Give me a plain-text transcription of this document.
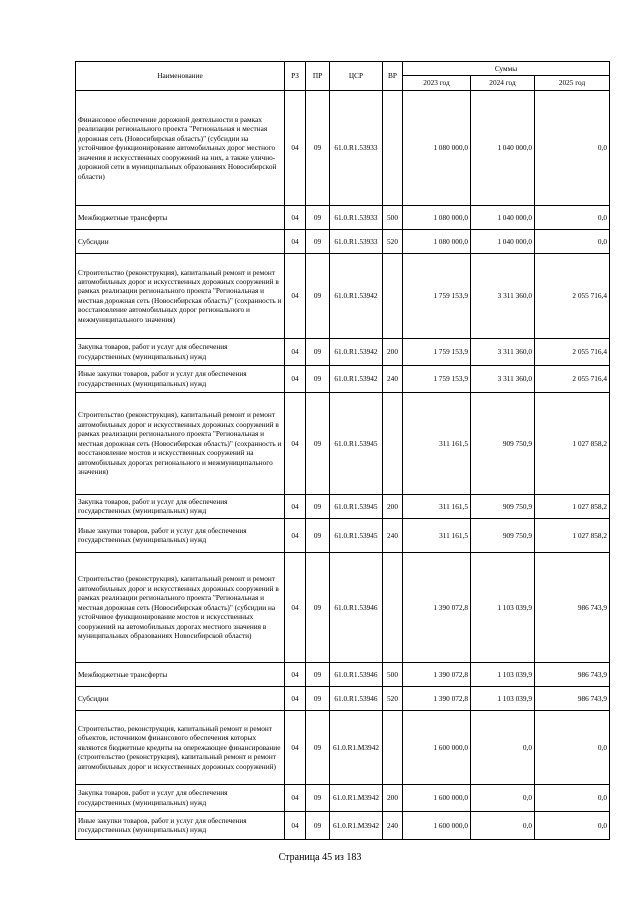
Наименование	РЗ	ПР	ЦСР	ВР	Суммы		
					2023 год	2024 год	2025 год
Финансовое обеспечение дорожной деятельности в рамках реализации регионального проекта "Региональная и местная дорожная сеть (Новосибирская область)" (субсидии на устойчивое функционирование автомобильных дорог местного значения и искусственных сооружений на них, а также улично-дорожной сети в муниципальных образованиях Новосибирской области)	04	09	61.0.R1.53933		1 080 000,0	1 040 000,0	0,0
Межбюджетные трансферты	04	09	61.0.R1.53933	500	1 080 000,0	1 040 000,0	0,0
Субсидии	04	09	61.0.R1.53933	520	1 080 000,0	1 040 000,0	0,0
Строительство (реконструкция), капитальный ремонт и ремонт автомобильных дорог и искусственных дорожных сооружений в рамках реализации регионального проекта "Региональная и местная дорожная сеть (Новосибирская область)" (сохранность и восстановление автомобильных дорог регионального и межмуниципального значения)	04	09	61.0.R1.53942		1 759 153,9	3 311 360,0	2 055 716,4
Закупка товаров, работ и услуг для обеспечения государственных (муниципальных) нужд	04	09	61.0.R1.53942	200	1 759 153,9	3 311 360,0	2 055 716,4
Иные закупки товаров, работ и услуг для обеспечения государственных (муниципальных) нужд	04	09	61.0.R1.53942	240	1 759 153,9	3 311 360,0	2 055 716,4
Строительство (реконструкция), капитальный ремонт и ремонт автомобильных дорог и искусственных дорожных сооружений в рамках реализации регионального проекта "Региональная и местная дорожная сеть (Новосибирская область)" (сохранность и восстановление мостов и искусственных сооружений на автомобильных дорогах регионального и межмуниципального значения)	04	09	61.0.R1.53945		311 161,5	909 750,9	1 027 858,2
Закупка товаров, работ и услуг для обеспечения государственных (муниципальных) нужд	04	09	61.0.R1.53945	200	311 161,5	909 750,9	1 027 858,2
Иные закупки товаров, работ и услуг для обеспечения государственных (муниципальных) нужд	04	09	61.0.R1.53945	240	311 161,5	909 750,9	1 027 858,2
Строительство (реконструкция), капитальный ремонт и ремонт автомобильных дорог и искусственных дорожных сооружений в рамках реализации регионального проекта "Региональная и местная дорожная сеть (Новосибирская область)" (субсидии на устойчивое функционирование мостов и искусственных сооружений на автомобильных дорогах местного значения в муниципальных образованиях Новосибирской области)	04	09	61.0.R1.53946		1 390 072,8	1 103 039,9	986 743,9
Межбюджетные трансферты	04	09	61.0.R1.53946	500	1 390 072,8	1 103 039,9	986 743,9
Субсидии	04	09	61.0.R1.53946	520	1 390 072,8	1 103 039,9	986 743,9
Строительство, реконструкция, капитальный ремонт и ремонт объектов, источником финансового обеспечения которых являются бюджетные кредиты на опережающее финансирование (строительство (реконструкция), капитальный ремонт и ремонт автомобильных дорог и искусственных дорожных сооружений)	04	09	61.0.R1.M3942		1 600 000,0	0,0	0,0
Закупка товаров, работ и услуг для обеспечения государственных (муниципальных) нужд	04	09	61.0.R1.M3942	200	1 600 000,0	0,0	0,0
Иные закупки товаров, работ и услуг для обеспечения государственных (муниципальных) нужд	04	09	61.0.R1.M3942	240	1 600 000,0	0,0	0,0
Страница 45 из 183
